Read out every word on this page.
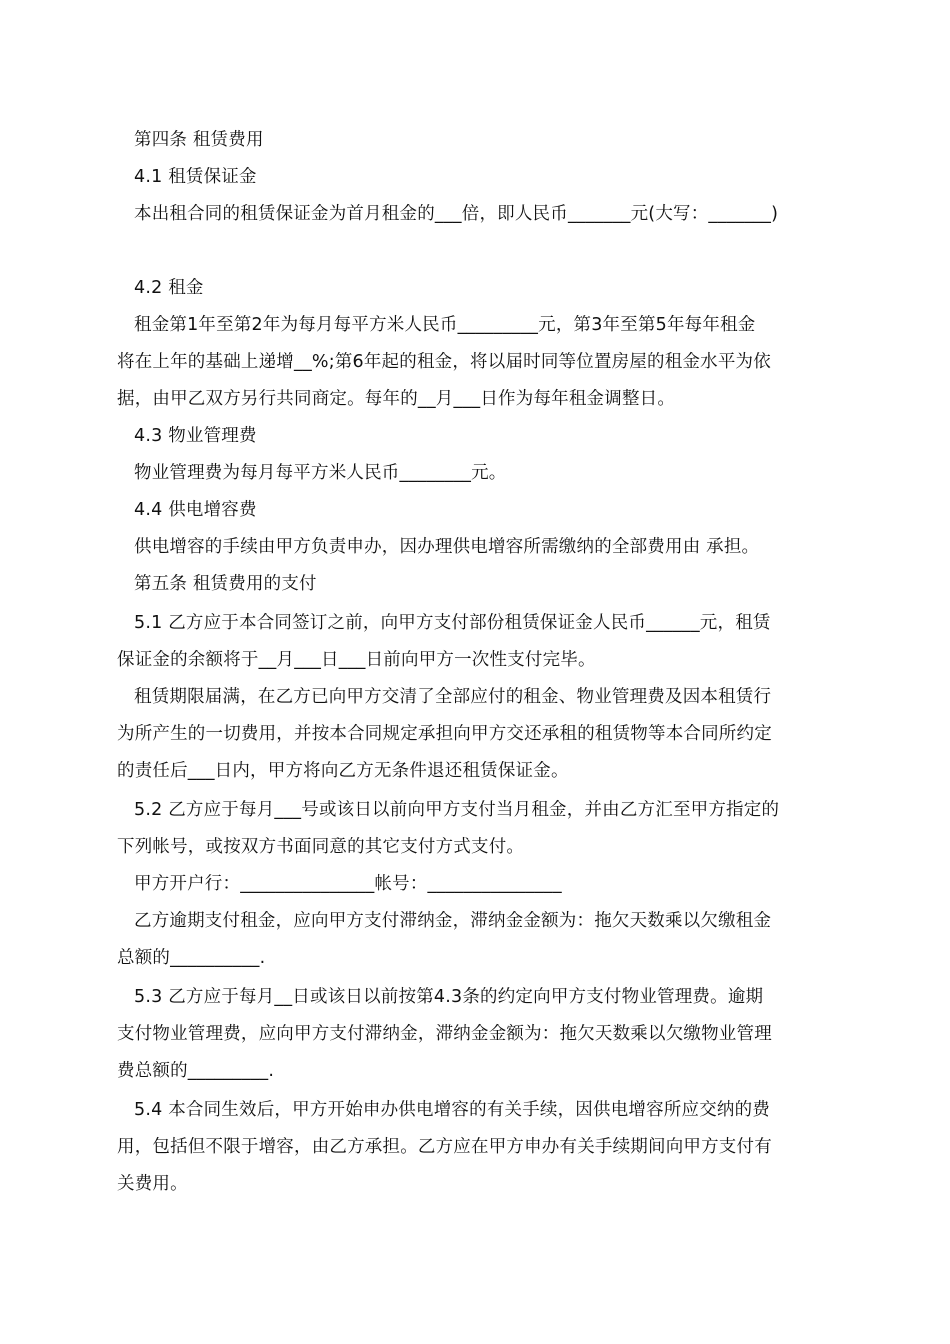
第四条 租赁费用
4.1 租赁保证金
本出租合同的租赁保证金为首月租金的___倍，即人民币_______元(大写：_______)
4.2 租金
租金第1年至第2年为每月每平方米人民币_________元，第3年至第5年每年租金
将在上年的基础上递增__%;第6年起的租金，将以届时同等位置房屋的租金水平为依
据，由甲乙双方另行共同商定。每年的__月___日作为每年租金调整日。
4.3 物业管理费
物业管理费为每月每平方米人民币________元。
4.4 供电增容费
供电增容的手续由甲方负责申办，因办理供电增容所需缴纳的全部费用由 承担。
第五条 租赁费用的支付
5.1 乙方应于本合同签订之前，向甲方支付部份租赁保证金人民币______元，租赁
保证金的余额将于__月___日___日前向甲方一次性支付完毕。
租赁期限届满，在乙方已向甲方交清了全部应付的租金、物业管理费及因本租赁行
为所产生的一切费用，并按本合同规定承担向甲方交还承租的租赁物等本合同所约定
的责任后___日内，甲方将向乙方无条件退还租赁保证金。
5.2 乙方应于每月___号或该日以前向甲方支付当月租金，并由乙方汇至甲方指定的
下列帐号，或按双方书面同意的其它支付方式支付。
甲方开户行：_______________帐号：_______________
乙方逾期支付租金，应向甲方支付滞纳金，滞纳金金额为：拖欠天数乘以欠缴租金
总额的__________.
5.3 乙方应于每月__日或该日以前按第4.3条的约定向甲方支付物业管理费。逾期
支付物业管理费，应向甲方支付滞纳金，滞纳金金额为：拖欠天数乘以欠缴物业管理
费总额的_________.
5.4 本合同生效后，甲方开始申办供电增容的有关手续，因供电增容所应交纳的费
用，包括但不限于增容，由乙方承担。乙方应在甲方申办有关手续期间向甲方支付有
关费用。
